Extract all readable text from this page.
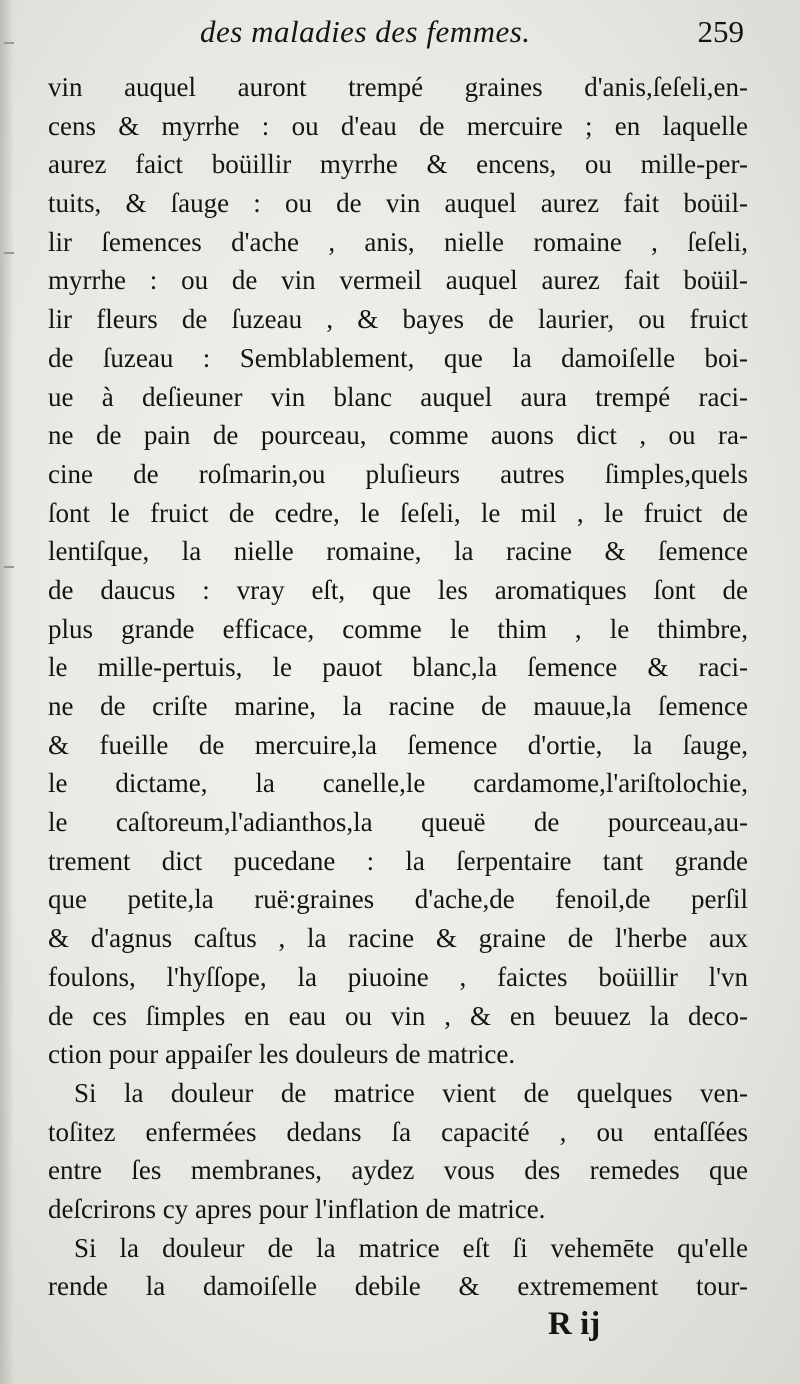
des maladies des femmes.	259
vin auquel auront trempé graines d'anis,ſeſeli,en-
cens & myrrhe : ou d'eau de mercuire ; en laquelle
aurez faict boüillir myrrhe & encens, ou mille-per-
tuits, & ſauge : ou de vin auquel aurez fait boüil-
lir ſemences d'ache , anis, nielle romaine , ſeſeli,
myrrhe : ou de vin vermeil auquel aurez fait boüil-
lir fleurs de ſuzeau , & bayes de laurier, ou fruict
de ſuzeau : Semblablement, que la damoiſelle boi-
ue à deſieuner vin blanc auquel aura trempé raci-
ne de pain de pourceau, comme auons dict , ou ra-
cine de roſmarin,ou pluſieurs autres ſimples,quels
ſont le fruict de cedre, le ſeſeli, le mil , le fruict de
lentiſque, la nielle romaine, la racine & ſemence
de daucus : vray eſt, que les aromatiques ſont de
plus grande efficace, comme le thim , le thimbre,
le mille-pertuis, le pauot blanc,la ſemence & raci-
ne de criſte marine, la racine de mauue,la ſemence
& fueille de mercuire,la ſemence d'ortie, la ſauge,
le dictame, la canelle,le cardamome,l'ariſtolochie,
le caſtoreum,l'adianthos,la queuë de pourceau,au-
trement dict pucedane : la ſerpentaire tant grande
que petite,la ruë:graines d'ache,de fenoil,de perſil
& d'agnus caſtus , la racine & graine de l'herbe aux
foulons, l'hyſſope, la piuoine , faictes boüillir l'vn
de ces ſimples en eau ou vin , & en beuuez la deco-
ction pour appaiſer les douleurs de matrice.
Si la douleur de matrice vient de quelques ven-
toſitez enfermées dedans ſa capacité , ou entaſſées
entre ſes membranes, aydez vous des remedes que
deſcrirons cy apres pour l'inflation de matrice.
Si la douleur de la matrice eſt ſi vehemēte qu'elle
rende la damoiſelle debile & extremement tour-
R ij
